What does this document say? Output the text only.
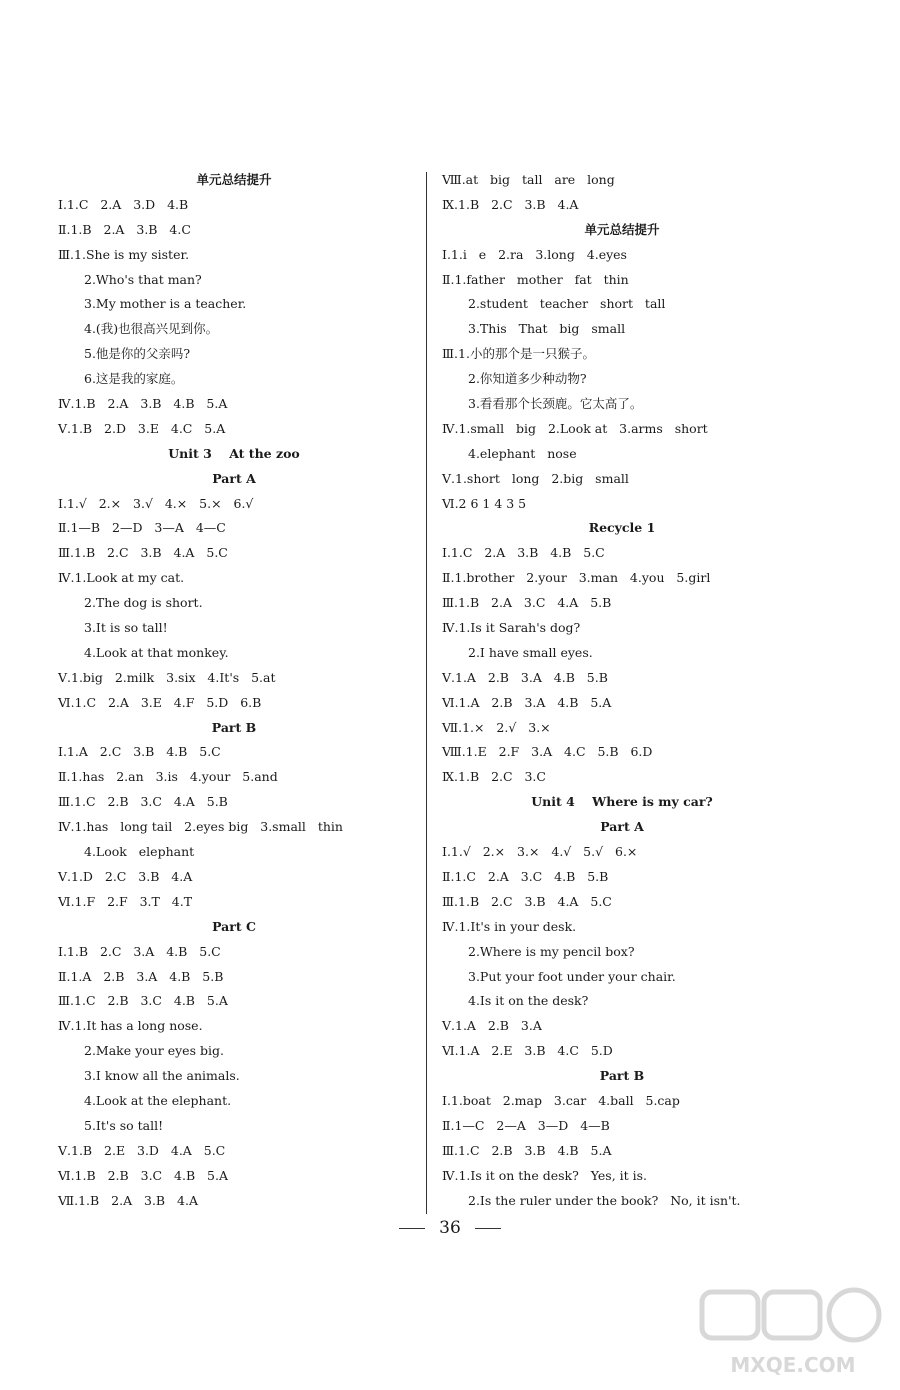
单元总结提升
Ⅰ.1.C   2.A   3.D   4.B
Ⅱ.1.B   2.A   3.B   4.C
Ⅲ.1.She is my sister.
2.Who's that man?
3.My mother is a teacher.
4.(我)也很高兴见到你。
5.他是你的父亲吗?
6.这是我的家庭。
Ⅳ.1.B   2.A   3.B   4.B   5.A
Ⅴ.1.B   2.D   3.E   4.C   5.A
Unit 3    At the zoo
Part A
Ⅰ.1.√   2.×   3.√   4.×   5.×   6.√
Ⅱ.1—B   2—D   3—A   4—C
Ⅲ.1.B   2.C   3.B   4.A   5.C
Ⅳ.1.Look at my cat.
2.The dog is short.
3.It is so tall!
4.Look at that monkey.
Ⅴ.1.big   2.milk   3.six   4.It's   5.at
Ⅵ.1.C   2.A   3.E   4.F   5.D   6.B
Part B
Ⅰ.1.A   2.C   3.B   4.B   5.C
Ⅱ.1.has   2.an   3.is   4.your   5.and
Ⅲ.1.C   2.B   3.C   4.A   5.B
Ⅳ.1.has   long tail   2.eyes big   3.small   thin
4.Look   elephant
Ⅴ.1.D   2.C   3.B   4.A
Ⅵ.1.F   2.F   3.T   4.T
Part C
Ⅰ.1.B   2.C   3.A   4.B   5.C
Ⅱ.1.A   2.B   3.A   4.B   5.B
Ⅲ.1.C   2.B   3.C   4.B   5.A
Ⅳ.1.It has a long nose.
2.Make your eyes big.
3.I know all the animals.
4.Look at the elephant.
5.It's so tall!
Ⅴ.1.B   2.E   3.D   4.A   5.C
Ⅵ.1.B   2.B   3.C   4.B   5.A
Ⅶ.1.B   2.A   3.B   4.A
Ⅷ.at   big   tall   are   long
Ⅸ.1.B   2.C   3.B   4.A
单元总结提升
Ⅰ.1.i   e   2.ra   3.long   4.eyes
Ⅱ.1.father   mother   fat   thin
2.student   teacher   short   tall
3.This   That   big   small
Ⅲ.1.小的那个是一只猴子。
2.你知道多少种动物?
3.看看那个长颈鹿。它太高了。
Ⅳ.1.small   big   2.Look at   3.arms   short
4.elephant   nose
Ⅴ.1.short   long   2.big   small
Ⅵ.2 6 1 4 3 5
Recycle 1
Ⅰ.1.C   2.A   3.B   4.B   5.C
Ⅱ.1.brother   2.your   3.man   4.you   5.girl
Ⅲ.1.B   2.A   3.C   4.A   5.B
Ⅳ.1.Is it Sarah's dog?
2.I have small eyes.
Ⅴ.1.A   2.B   3.A   4.B   5.B
Ⅵ.1.A   2.B   3.A   4.B   5.A
Ⅶ.1.×   2.√   3.×
Ⅷ.1.E   2.F   3.A   4.C   5.B   6.D
Ⅸ.1.B   2.C   3.C
Unit 4    Where is my car?
Part A
Ⅰ.1.√   2.×   3.×   4.√   5.√   6.×
Ⅱ.1.C   2.A   3.C   4.B   5.B
Ⅲ.1.B   2.C   3.B   4.A   5.C
Ⅳ.1.It's in your desk.
2.Where is my pencil box?
3.Put your foot under your chair.
4.Is it on the desk?
Ⅴ.1.A   2.B   3.A
Ⅵ.1.A   2.E   3.B   4.C   5.D
Part B
Ⅰ.1.boat   2.map   3.car   4.ball   5.cap
Ⅱ.1—C   2—A   3—D   4—B
Ⅲ.1.C   2.B   3.B   4.B   5.A
Ⅳ.1.Is it on the desk?   Yes, it is.
2.Is the ruler under the book?   No, it isn't.
36
MXQE.COM
